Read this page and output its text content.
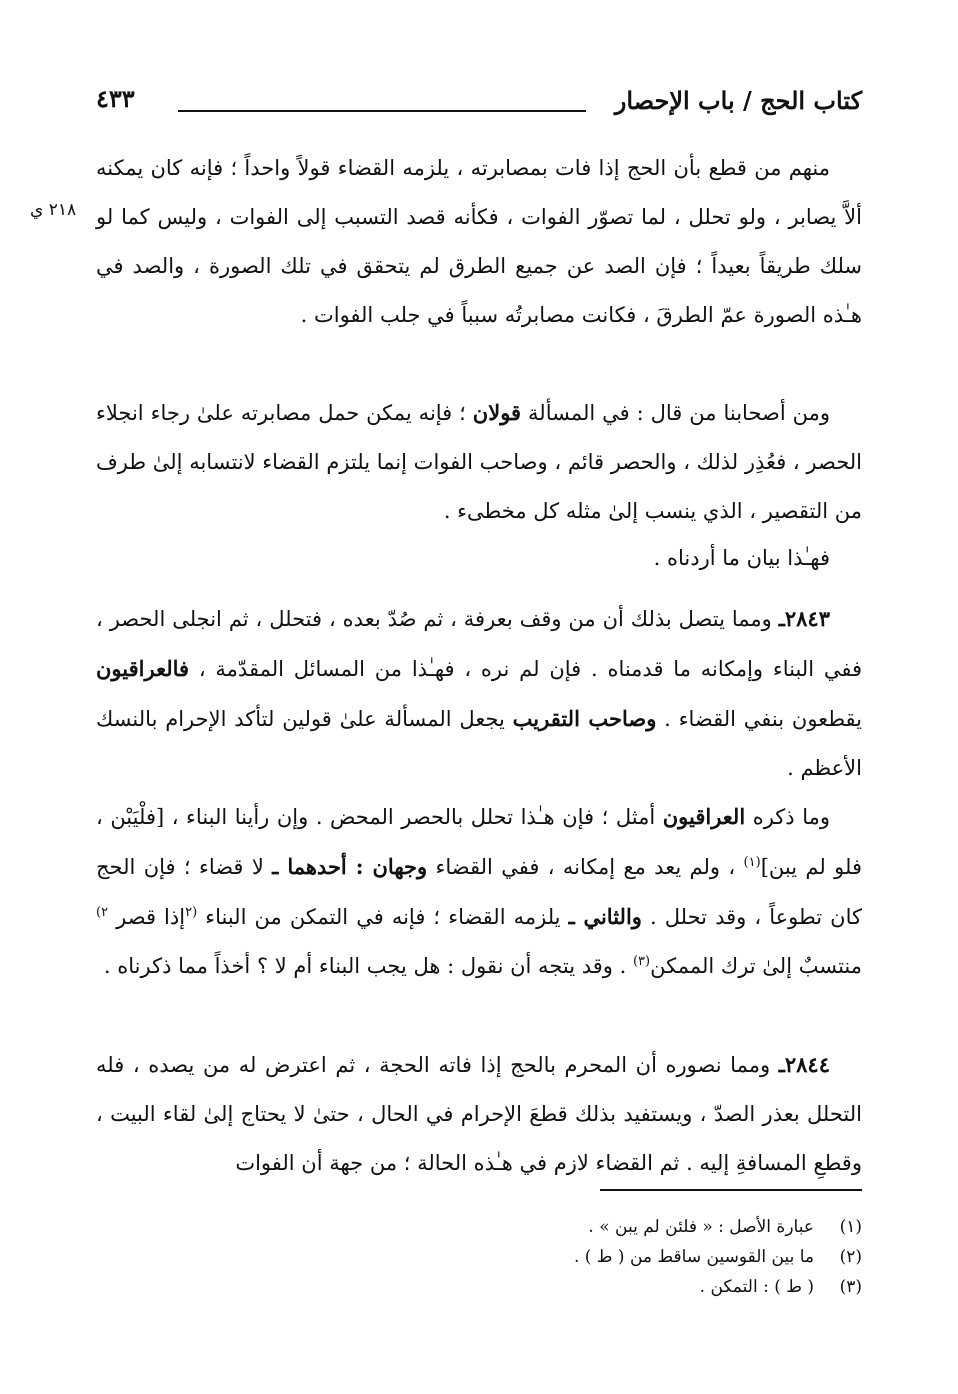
كتاب الحج / باب الإحصار
٤٣٣
٢١٨ ي

منهم من قطع بأن الحج إذا فات بمصابرته ، يلزمه القضاء قولاً واحداً ؛ فإنه كان يمكنه ألاَّ يصابر ، ولو تحلل ، لما تصوّر الفوات ، فكأنه قصد التسبب إلى الفوات ، وليس كما لو سلك طريقاً بعيداً ؛ فإن الصد عن جميع الطرق لم يتحقق في تلك الصورة ، والصد في هـٰذه الصورة عمّ الطرقَ ، فكانت مصابرتُه سبباً في جلب الفوات .

ومن أصحابنا من قال : في المسألة قولان ؛ فإنه يمكن حمل مصابرته علىٰ رجاء انجلاء الحصر ، فعُذِر لذلك ، والحصر قائم ، وصاحب الفوات إنما يلتزم القضاء لانتسابه إلىٰ طرف من التقصير ، الذي ينسب إلىٰ مثله كل مخطىء .

فهـٰذا بيان ما أردناه .

٢٨٤٣ـ ومما يتصل بذلك أن من وقف بعرفة ، ثم صُدّ بعده ، فتحلل ، ثم انجلى الحصر ، ففي البناء وإمكانه ما قدمناه . فإن لم نره ، فهـٰذا من المسائل المقدّمة ، فالعراقيون يقطعون بنفي القضاء . وصاحب التقريب يجعل المسألة علىٰ قولين لتأكد الإحرام بالنسك الأعظم .

وما ذكره العراقيون أمثل ؛ فإن هـٰذا تحلل بالحصر المحض . وإن رأينا البناء ، [فلْيَبْن ، فلو لم يبن]$^{(١)}$ ، ولم يعد مع إمكانه ، ففي القضاء وجهان : أحدهما ـ لا قضاء ؛ فإن الحج كان تطوعاً ، وقد تحلل . والثاني ـ يلزمه القضاء ؛ فإنه في التمكن من البناء $^{(٢}$إذا قصر $^{٢)}$ منتسبٌ إلىٰ ترك الممكن$^{(٣)}$ . وقد يتجه أن نقول : هل يجب البناء أم لا ؟ أخذاً مما ذكرناه .

٢٨٤٤ـ ومما نصوره أن المحرم بالحج إذا فاته الحجة ، ثم اعترض له من يصده ، فله التحلل بعذر الصدّ ، ويستفيد بذلك قطعَ الإحرام في الحال ، حتىٰ لا يحتاج إلىٰ لقاء البيت ، وقطعِ المسافةِ إليه . ثم القضاء لازم في هـٰذه الحالة ؛ من جهة أن الفوات

(١)عبارة الأصل : « فلئن لم يبن » .

(٢)ما بين القوسين ساقط من ( ط ) .

(٣)( ط ) : التمكن .
